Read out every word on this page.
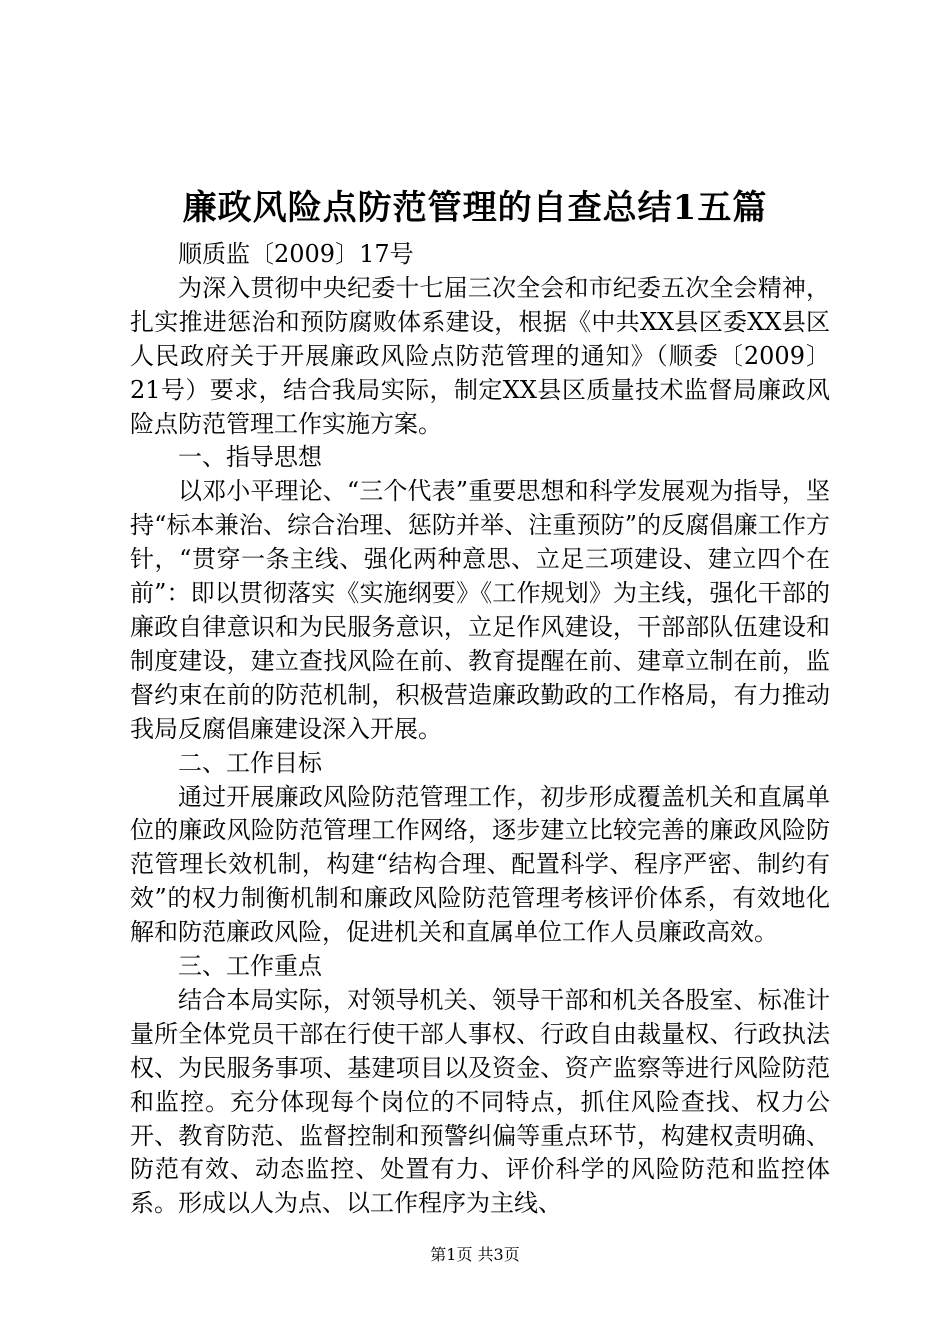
廉政风险点防范管理的自查总结1五篇

顺质监〔2009〕17号

为深入贯彻中央纪委十七届三次全会和市纪委五次全会精神，扎实推进惩治和预防腐败体系建设，根据《中共XX县区委XX县区人民政府关于开展廉政风险点防范管理的通知》（顺委〔2009〕21号）要求，结合我局实际，制定XX县区质量技术监督局廉政风险点防范管理工作实施方案。

一、指导思想

以邓小平理论、“三个代表”重要思想和科学发展观为指导，坚持“标本兼治、综合治理、惩防并举、注重预防”的反腐倡廉工作方针，“贯穿一条主线、强化两种意思、立足三项建设、建立四个在前”：即以贯彻落实《实施纲要》《工作规划》为主线，强化干部的廉政自律意识和为民服务意识，立足作风建设，干部部队伍建设和制度建设，建立查找风险在前、教育提醒在前、建章立制在前，监督约束在前的防范机制，积极营造廉政勤政的工作格局，有力推动我局反腐倡廉建设深入开展。

二、工作目标

通过开展廉政风险防范管理工作，初步形成覆盖机关和直属单位的廉政风险防范管理工作网络，逐步建立比较完善的廉政风险防范管理长效机制，构建“结构合理、配置科学、程序严密、制约有效”的权力制衡机制和廉政风险防范管理考核评价体系，有效地化解和防范廉政风险，促进机关和直属单位工作人员廉政高效。

三、工作重点

结合本局实际，对领导机关、领导干部和机关各股室、标准计量所全体党员干部在行使干部人事权、行政自由裁量权、行政执法权、为民服务事项、基建项目以及资金、资产监察等进行风险防范和监控。充分体现每个岗位的不同特点，抓住风险查找、权力公开、教育防范、监督控制和预警纠偏等重点环节，构建权责明确、防范有效、动态监控、处置有力、评价科学的风险防范和监控体系。形成以人为点、以工作程序为主线、

第1页 共3页
